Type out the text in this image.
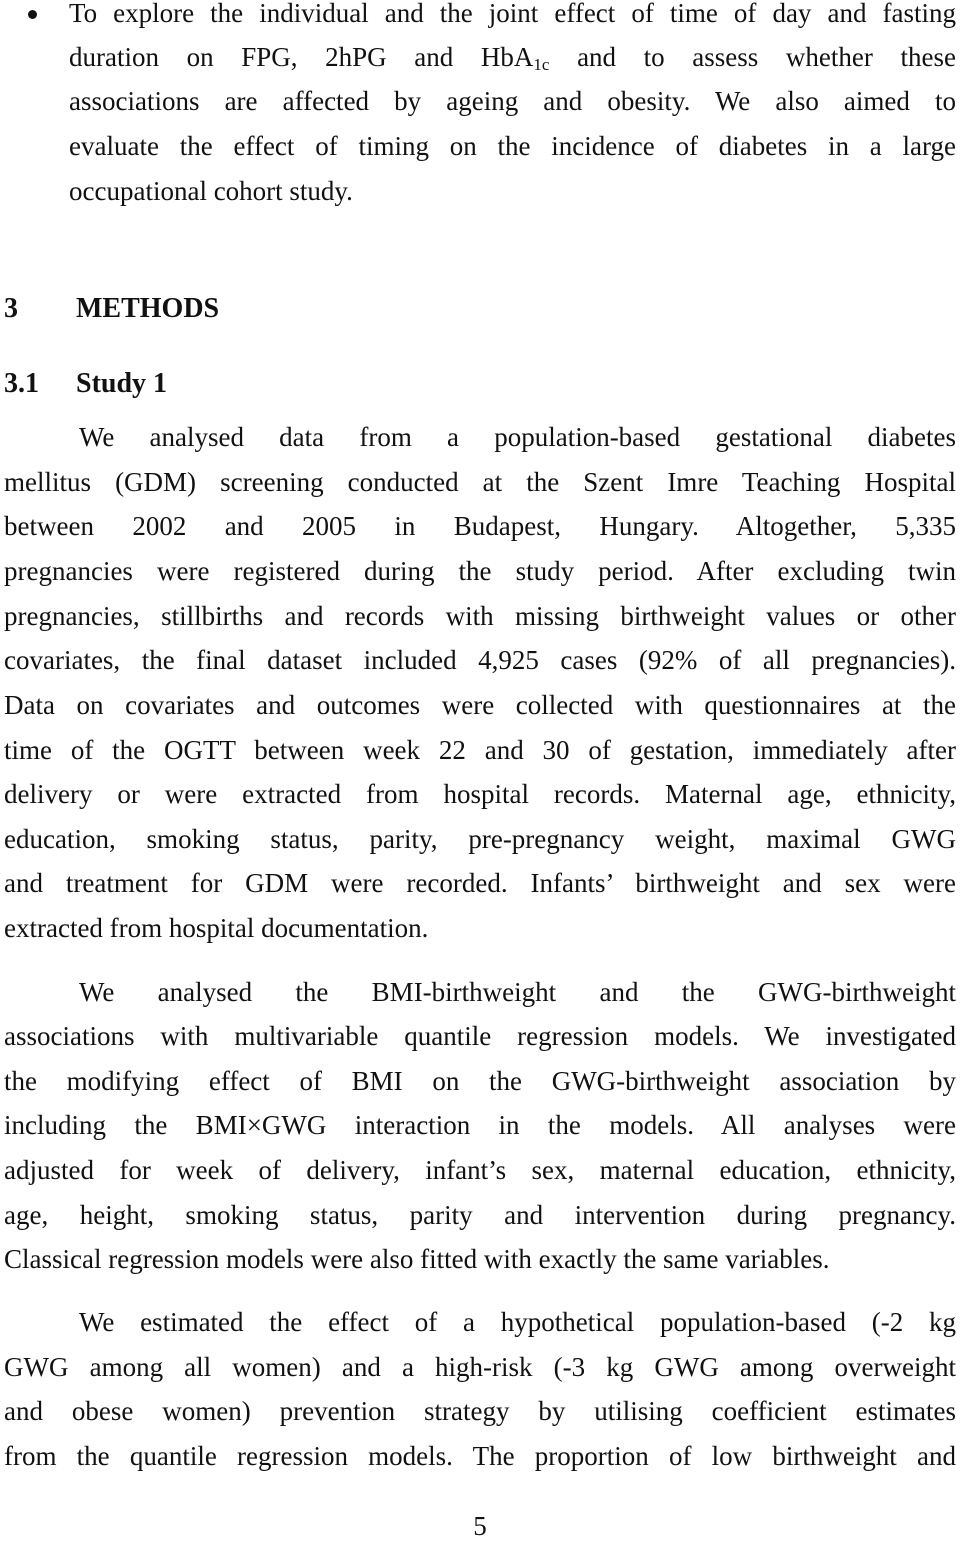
To explore the individual and the joint effect of time of day and fasting
duration on FPG, 2hPG and HbA$_{1c}$ and to assess whether these
associations are affected by ageing and obesity. We also aimed to
evaluate the effect of timing on the incidence of diabetes in a large
occupational cohort study.
3 METHODS
3.1 Study 1
We analysed data from a population-based gestational diabetes
mellitus (GDM) screening conducted at the Szent Imre Teaching Hospital
between 2002 and 2005 in Budapest, Hungary. Altogether, 5,335
pregnancies were registered during the study period. After excluding twin
pregnancies, stillbirths and records with missing birthweight values or other
covariates, the final dataset included 4,925 cases (92% of all pregnancies).
Data on covariates and outcomes were collected with questionnaires at the
time of the OGTT between week 22 and 30 of gestation, immediately after
delivery or were extracted from hospital records. Maternal age, ethnicity,
education, smoking status, parity, pre-pregnancy weight, maximal GWG
and treatment for GDM were recorded. Infants’ birthweight and sex were
extracted from hospital documentation.
We analysed the BMI-birthweight and the GWG-birthweight
associations with multivariable quantile regression models. We investigated
the modifying effect of BMI on the GWG-birthweight association by
including the BMI×GWG interaction in the models. All analyses were
adjusted for week of delivery, infant’s sex, maternal education, ethnicity,
age, height, smoking status, parity and intervention during pregnancy.
Classical regression models were also fitted with exactly the same variables.
We estimated the effect of a hypothetical population-based (-2 kg
GWG among all women) and a high-risk (-3 kg GWG among overweight
and obese women) prevention strategy by utilising coefficient estimates
from the quantile regression models. The proportion of low birthweight and
5
